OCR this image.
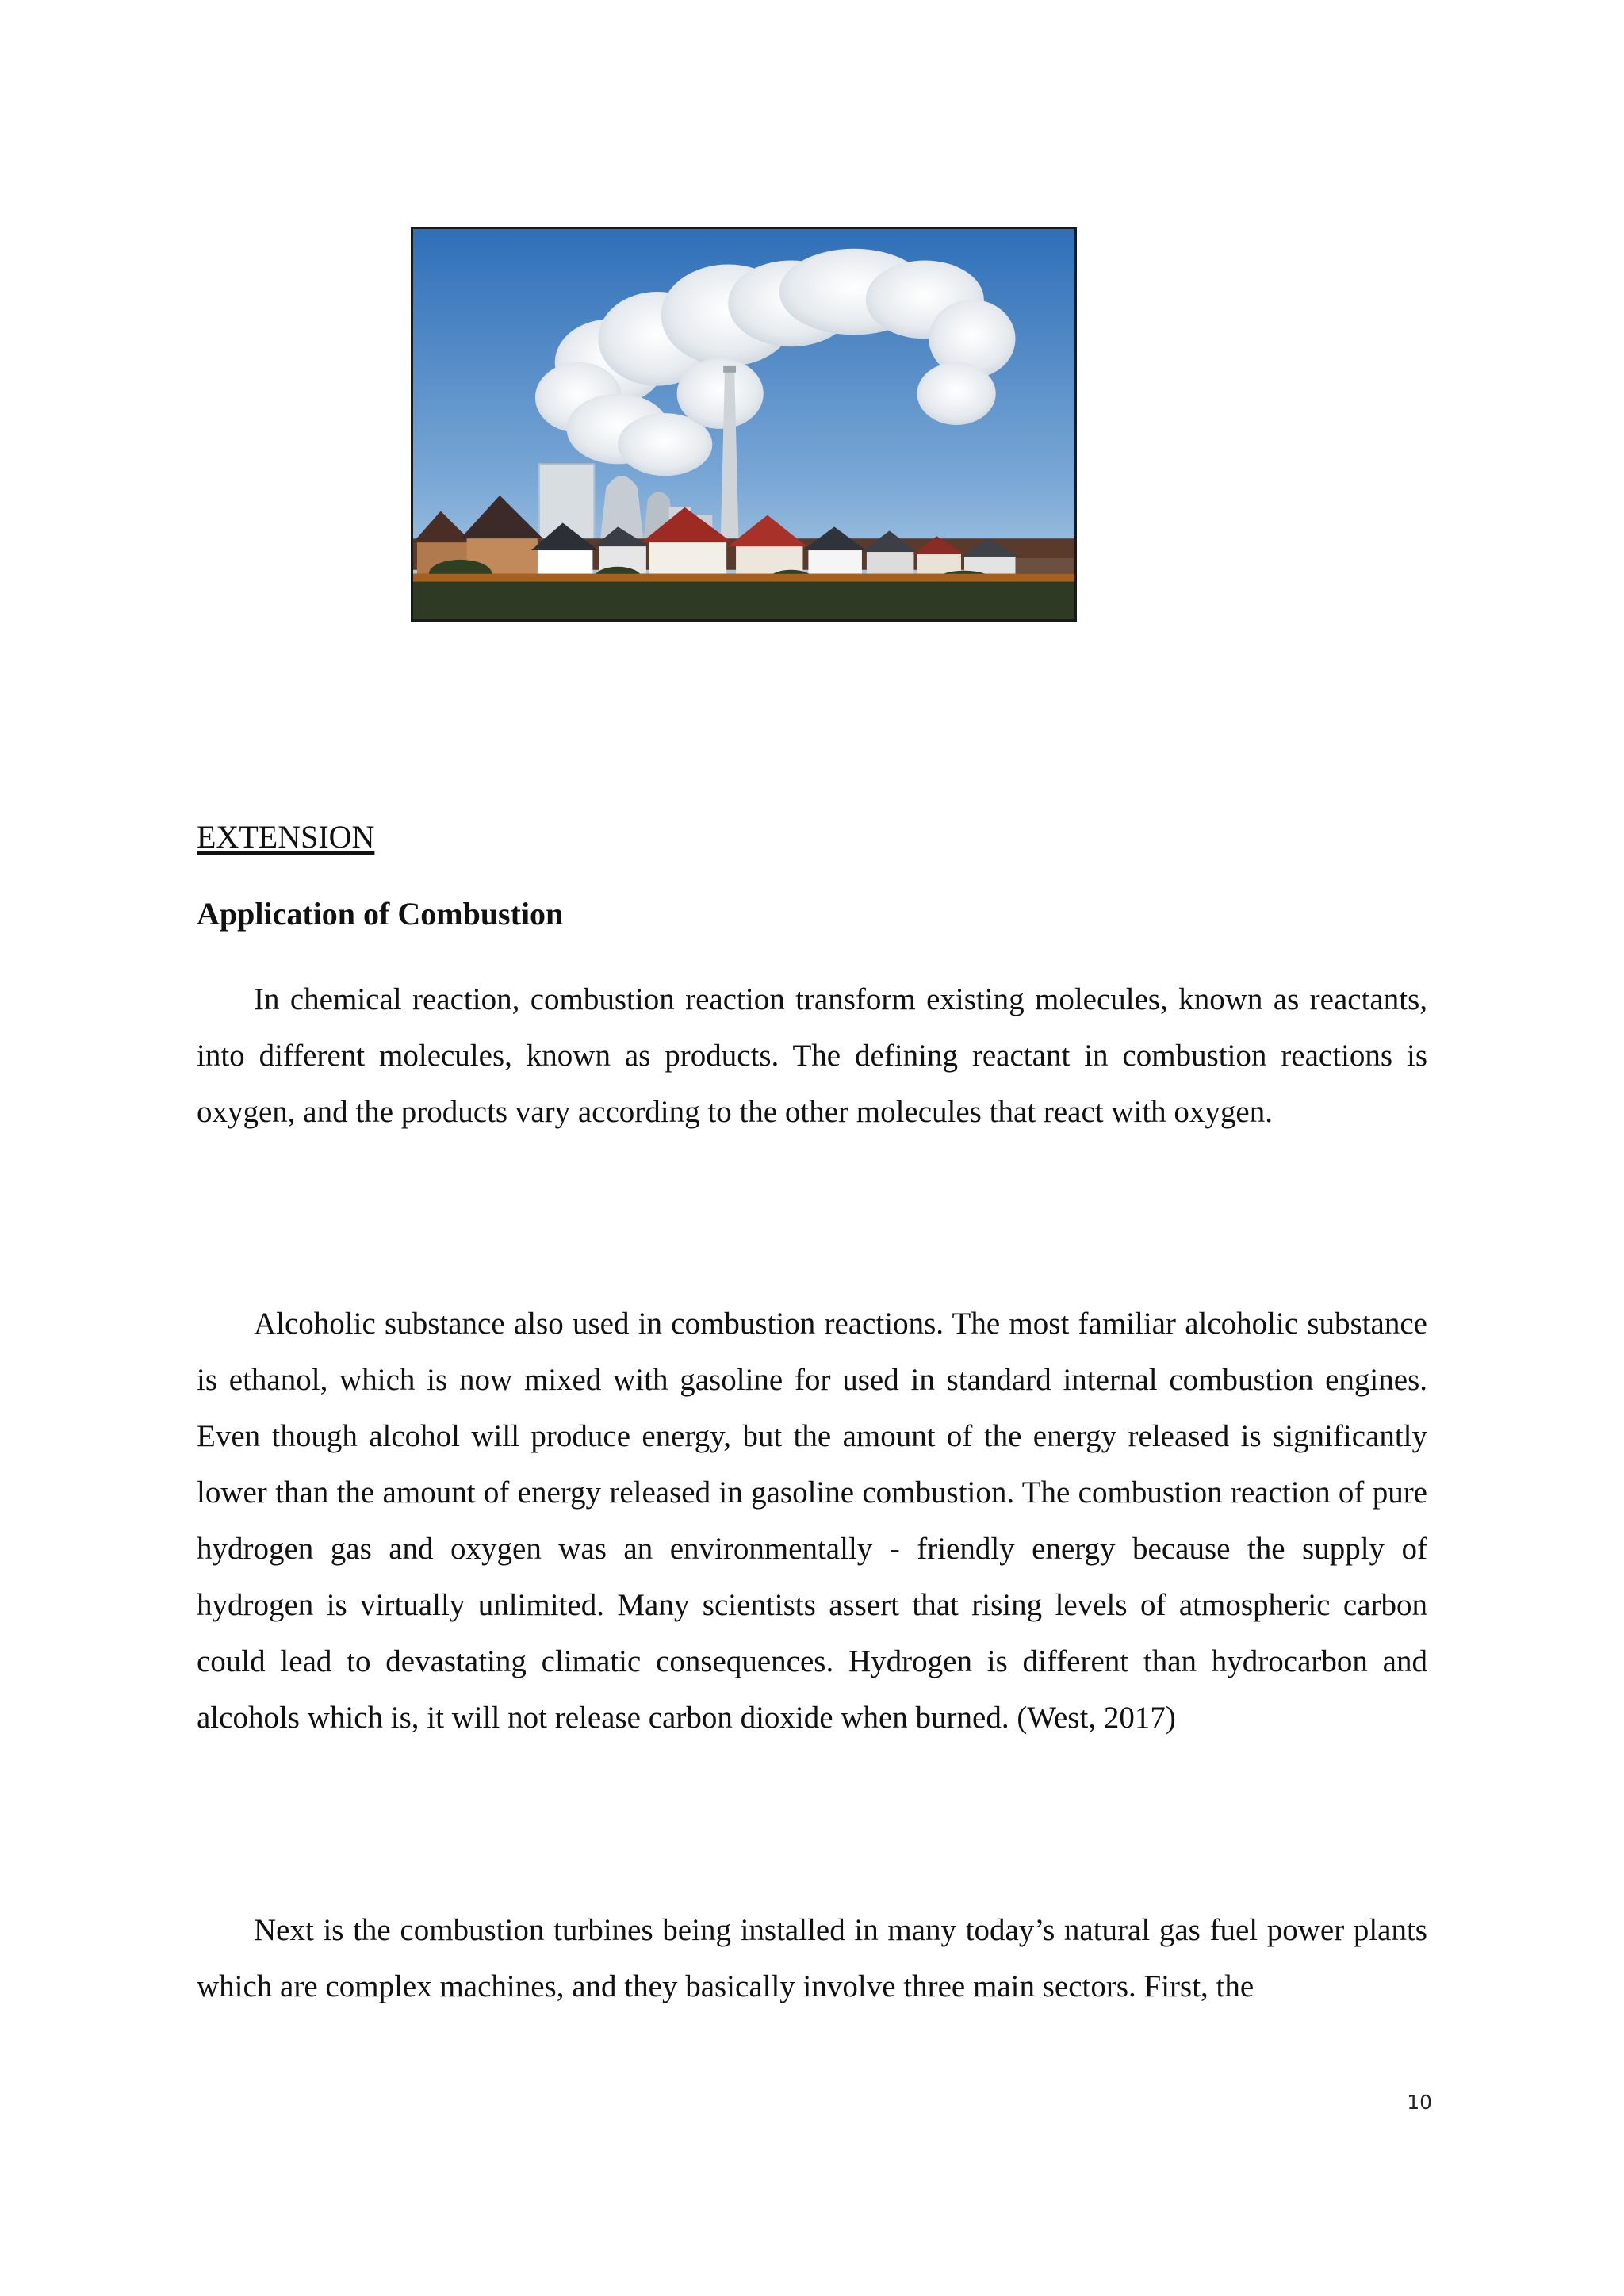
EXTENSION
Application of Combustion

In chemical reaction, combustion reaction transform existing molecules, known as reactants, into different molecules, known as products. The defining reactant in combustion reactions is oxygen, and the products vary according to the other molecules that react with oxygen.

Alcoholic substance also used in combustion reactions. The most familiar alcoholic substance is ethanol, which is now mixed with gasoline for used in standard internal combustion engines. Even though alcohol will produce energy, but the amount of the energy released is significantly lower than the amount of energy released in gasoline combustion. The combustion reaction of pure hydrogen gas and oxygen was an environmentally - friendly energy because the supply of hydrogen is virtually unlimited. Many scientists assert that rising levels of atmospheric carbon could lead to devastating climatic consequences. Hydrogen is different than hydrocarbon and alcohols which is, it will not release carbon dioxide when burned. (West, 2017)

Next is the combustion turbines being installed in many today’s natural gas fuel power plants which are complex machines, and they basically involve three main sectors. First, the

10
